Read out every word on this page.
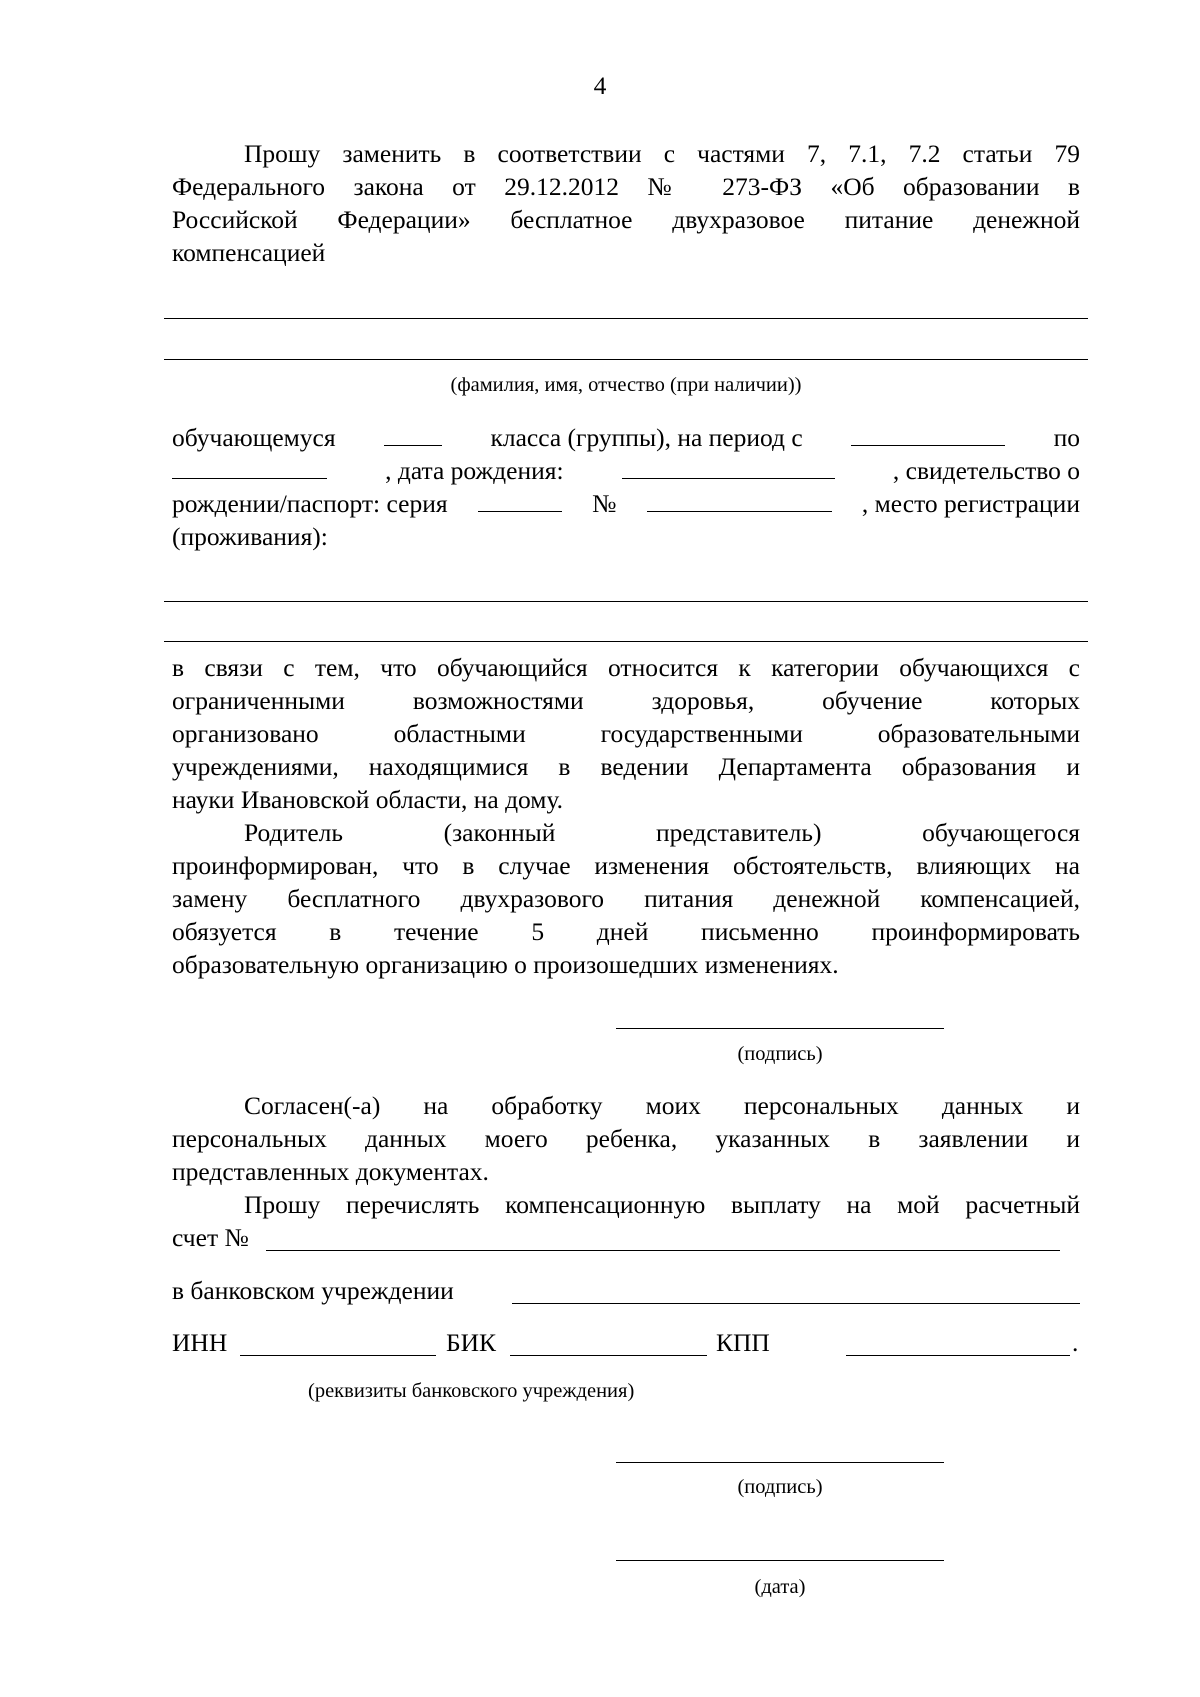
4
Прошу заменить в соответствии с частями 7, 7.1, 7.2 статьи 79
Федерального закона от 29.12.2012 № 273-ФЗ «Об образовании в
Российской Федерации» бесплатное двухразовое питание денежной
компенсацией
(фамилия, имя, отчество (при наличии))
обучающемуся	класса (группы), на период с	по
, дата рождения:	, свидетельство о
рождении/паспорт: серия	№	, место регистрации
(проживания):
в связи с тем, что обучающийся относится к категории обучающихся с
ограниченными возможностями здоровья, обучение которых
организовано областными государственными образовательными
учреждениями, находящимися в ведении Департамента образования и
науки Ивановской области, на дому.
Родитель (законный представитель) обучающегося
проинформирован, что в случае изменения обстоятельств, влияющих на
замену бесплатного двухразового питания денежной компенсацией,
обязуется в течение 5 дней письменно проинформировать
образовательную организацию о произошедших изменениях.
(подпись)
Согласен(-а) на обработку моих персональных данных и
персональных данных моего ребенка, указанных в заявлении и
представленных документах.
Прошу перечислять компенсационную выплату на мой расчетный
счет №
в банковском учреждении
ИНН	БИК	КПП	.
(реквизиты банковского учреждения)
(подпись)
(дата)
